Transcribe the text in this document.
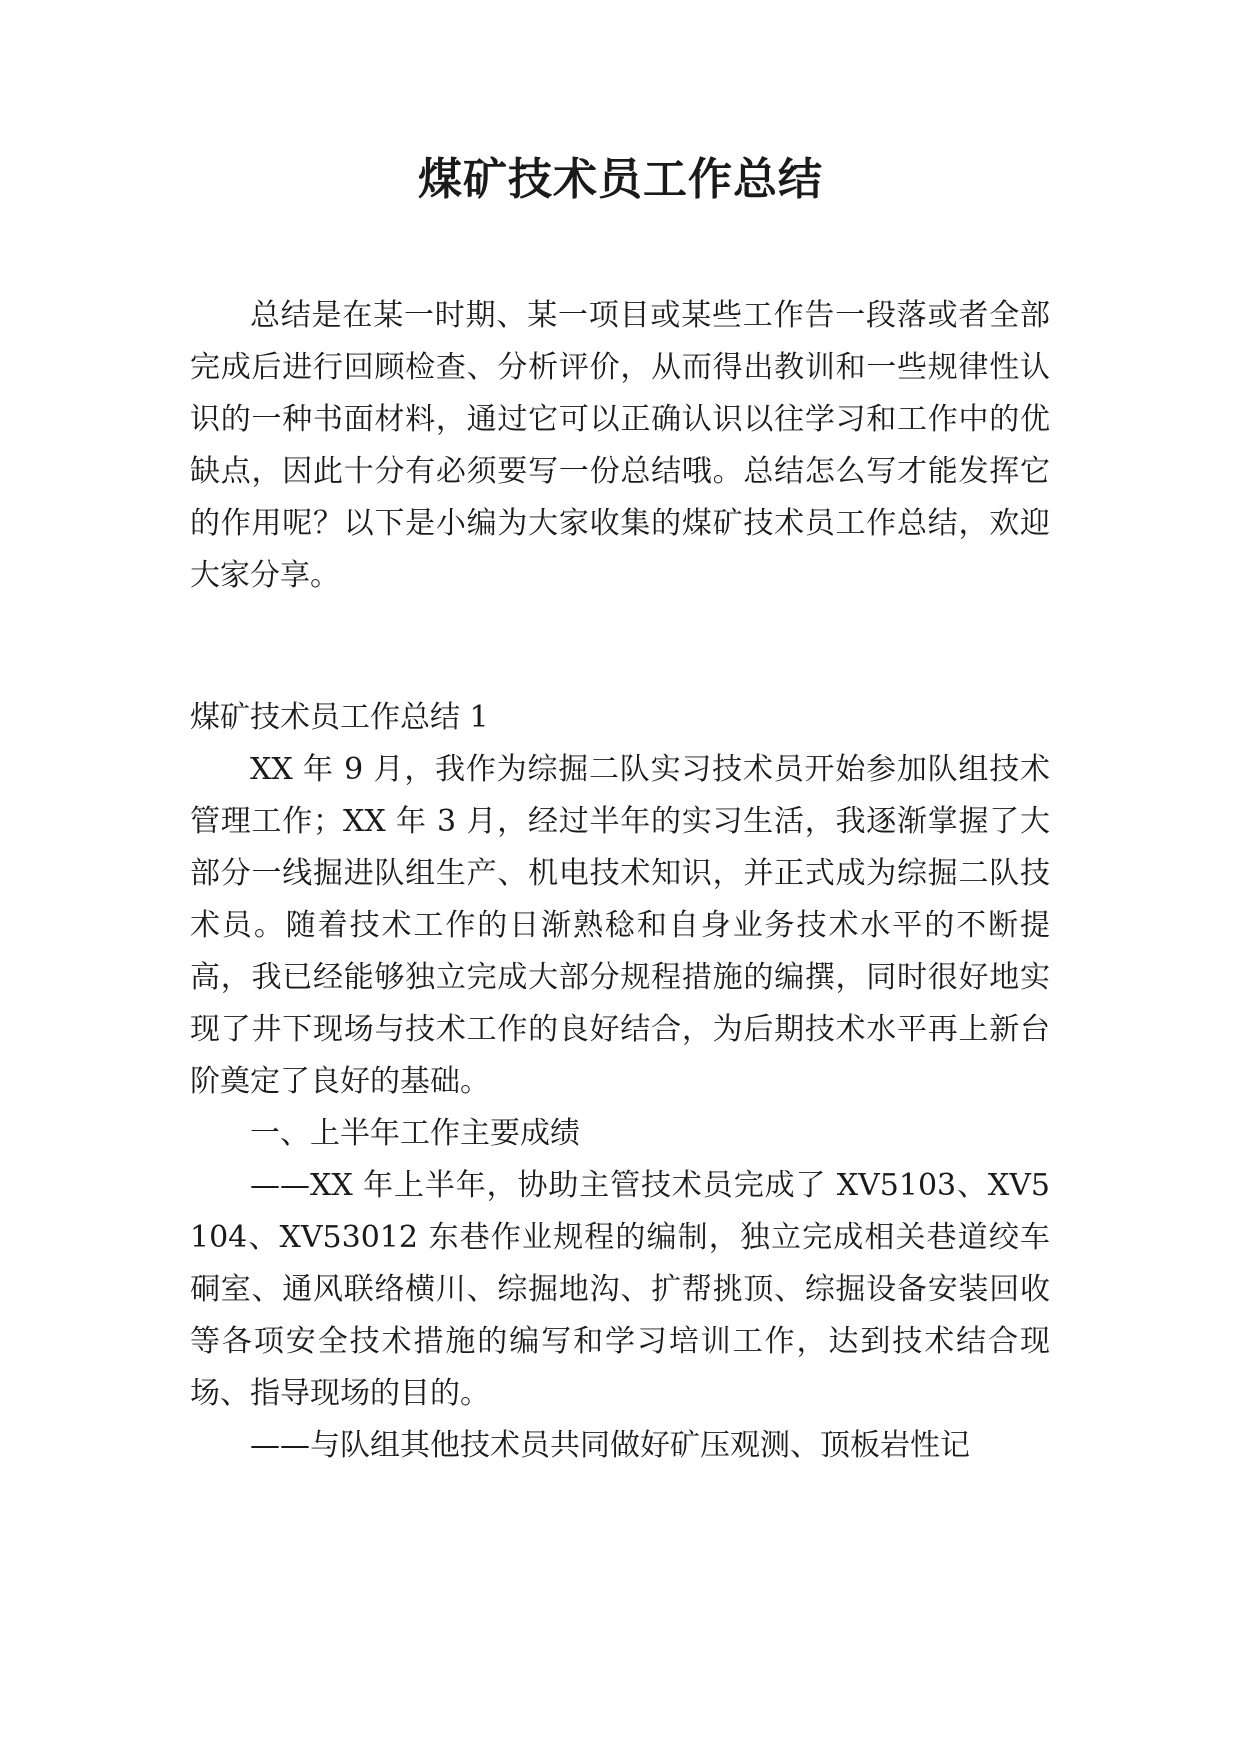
煤矿技术员工作总结

总结是在某一时期、某一项目或某些工作告一段落或者全部完成后进行回顾检查、分析评价，从而得出教训和一些规律性认识的一种书面材料，通过它可以正确认识以往学习和工作中的优缺点，因此十分有必须要写一份总结哦。总结怎么写才能发挥它的作用呢？以下是小编为大家收集的煤矿技术员工作总结，欢迎大家分享。

煤矿技术员工作总结 1

XX 年 9 月，我作为综掘二队实习技术员开始参加队组技术管理工作；XX 年 3 月，经过半年的实习生活，我逐渐掌握了大部分一线掘进队组生产、机电技术知识，并正式成为综掘二队技术员。随着技术工作的日渐熟稔和自身业务技术水平的不断提高，我已经能够独立完成大部分规程措施的编撰，同时很好地实现了井下现场与技术工作的良好结合，为后期技术水平再上新台阶奠定了良好的基础。

一、上半年工作主要成绩

——XX 年上半年，协助主管技术员完成了 XV5103、XV5104、XV53012 东巷作业规程的编制，独立完成相关巷道绞车硐室、通风联络横川、综掘地沟、扩帮挑顶、综掘设备安装回收等各项安全技术措施的编写和学习培训工作，达到技术结合现场、指导现场的目的。

——与队组其他技术员共同做好矿压观测、顶板岩性记
